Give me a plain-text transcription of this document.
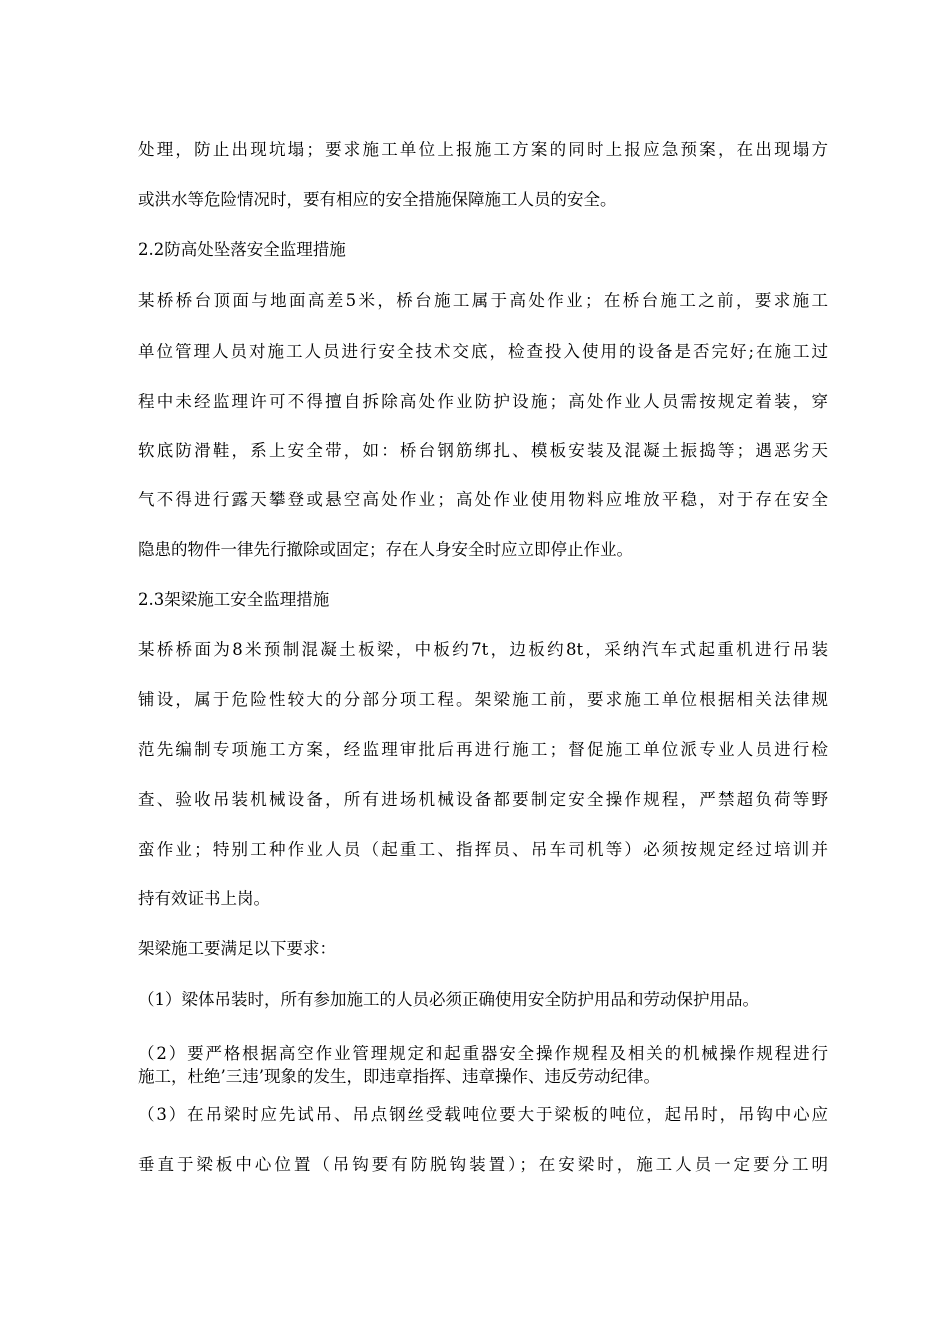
处理，防止出现坑塌；要求施工单位上报施工方案的同时上报应急预案，在出现塌方
或洪水等危险情况时，要有相应的安全措施保障施工人员的安全。
2.2防高处坠落安全监理措施
某桥桥台顶面与地面高差5米，桥台施工属于高处作业；在桥台施工之前，要求施工
单位管理人员对施工人员进行安全技术交底，检查投入使用的设备是否完好;在施工过
程中未经监理许可不得擅自拆除高处作业防护设施；高处作业人员需按规定着装，穿
软底防滑鞋，系上安全带，如：桥台钢筋绑扎、模板安装及混凝土振捣等；遇恶劣天
气不得进行露天攀登或悬空高处作业；高处作业使用物料应堆放平稳，对于存在安全
隐患的物件一律先行撤除或固定；存在人身安全时应立即停止作业。
2.3架梁施工安全监理措施
某桥桥面为8米预制混凝土板梁，中板约7t，边板约8t，采纳汽车式起重机进行吊装
铺设，属于危险性较大的分部分项工程。架梁施工前，要求施工单位根据相关法律规
范先编制专项施工方案，经监理审批后再进行施工；督促施工单位派专业人员进行检
查、验收吊装机械设备，所有进场机械设备都要制定安全操作规程，严禁超负荷等野
蛮作业；特别工种作业人员（起重工、指挥员、吊车司机等）必须按规定经过培训并
持有效证书上岗。
架梁施工要满足以下要求：
（1）梁体吊装时，所有参加施工的人员必须正确使用安全防护用品和劳动保护用品。
（2）要严格根据高空作业管理规定和起重器安全操作规程及相关的机械操作规程进行
施工，杜绝’三违’现象的发生，即违章指挥、违章操作、违反劳动纪律。
（3）在吊梁时应先试吊、吊点钢丝受载吨位要大于梁板的吨位，起吊时，吊钩中心应
垂直于梁板中心位置（吊钩要有防脱钩装置）；在安梁时，施工人员一定要分工明
